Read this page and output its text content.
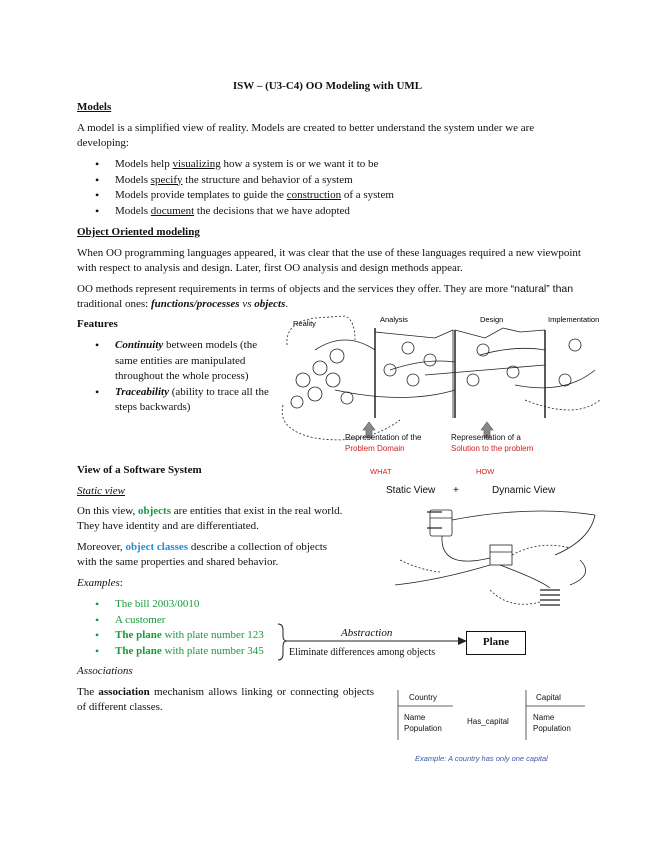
ISW – (U3-C4) OO Modeling with UML
Models
A model is a simplified view of reality. Models are created to better understand the system under we are developing:
• Models help visualizing how a system is or we want it to be
• Models specify the structure and behavior of a system
• Models provide templates to guide the construction of a system
• Models document the decisions that we have adopted
Object Oriented modeling
When OO programming languages appeared, it was clear that the use of these languages required a new viewpoint with respect to analysis and design. Later, first OO analysis and design methods appear.
OO methods represent requirements in terms of objects and the services they offer. They are more “natural” than traditional ones: functions/processes vs objects.
Features
• Continuity between models (the same entities are manipulated throughout the whole process)
• Traceability (ability to trace all the steps backwards)
Reality	Analysis	Design	Implementation
Representation of the
Problem Domain
Representation of a
Solution to the problem
View of a Software System
Static view
On this view, objects are entities that exist in the real world. They have identity and are differentiated.
Moreover, object classes describe a collection of objects with the same properties and shared behavior.
WHAT	HOW
Static View +	Dynamic View
Examples:
• The bill 2003/0010
• A customer
• The plane with plate number 123
• The plane with plate number 345
Abstraction
Eliminate differences among objects
Plane
Associations
The association mechanism allows linking or connecting objects of different classes.
Country
Name
Population
Has_capital
Capital
Name
Population
Example: A country has only one capital
